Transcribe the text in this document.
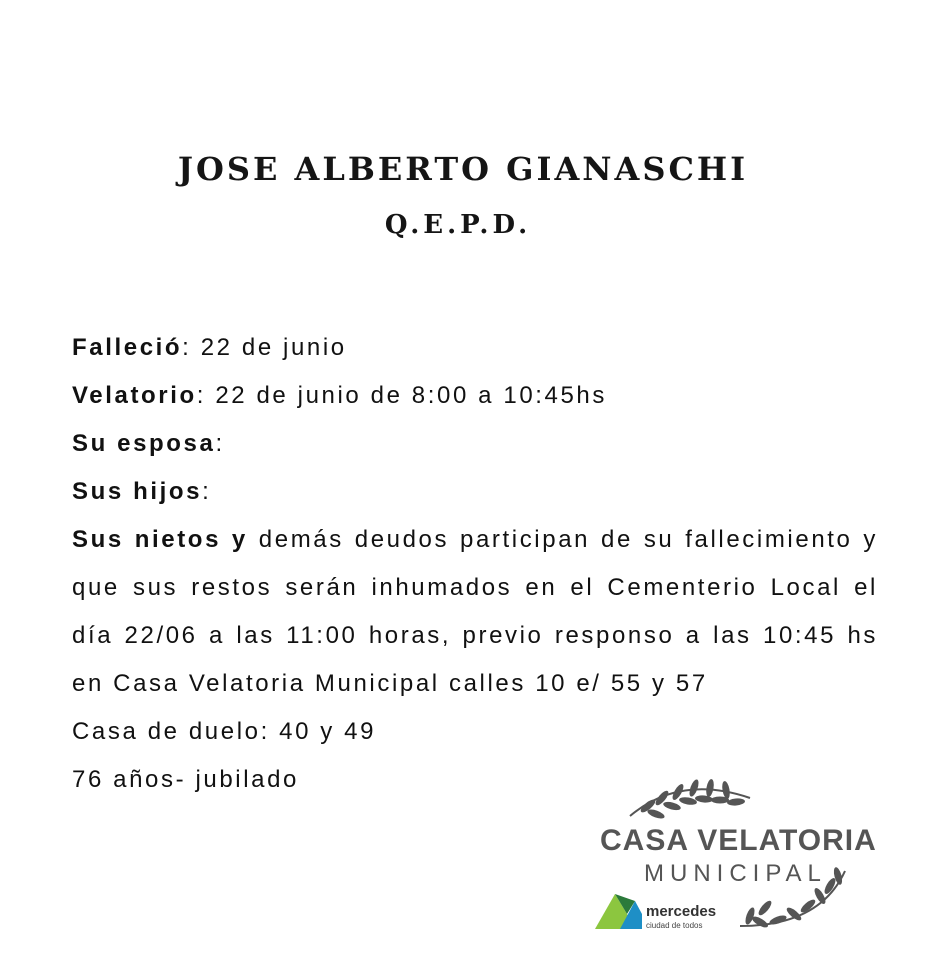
JOSE ALBERTO GIANASCHI
Q.E.P.D.

Falleció: 22 de junio

Velatorio: 22 de junio de 8:00 a 10:45hs

Su esposa:

Sus hijos:

Sus nietos y demás deudos participan de su fallecimiento y que sus restos serán inhumados en el Cementerio Local el día 22/06 a las 11:00 horas, previo responso a las 10:45 hs en Casa Velatoria Municipal calles 10 e/ 55 y 57

Casa de duelo: 40 y 49

76 años- jubilado

CASA VELATORIA
MUNICIPAL
mercedes
ciudad de todos
